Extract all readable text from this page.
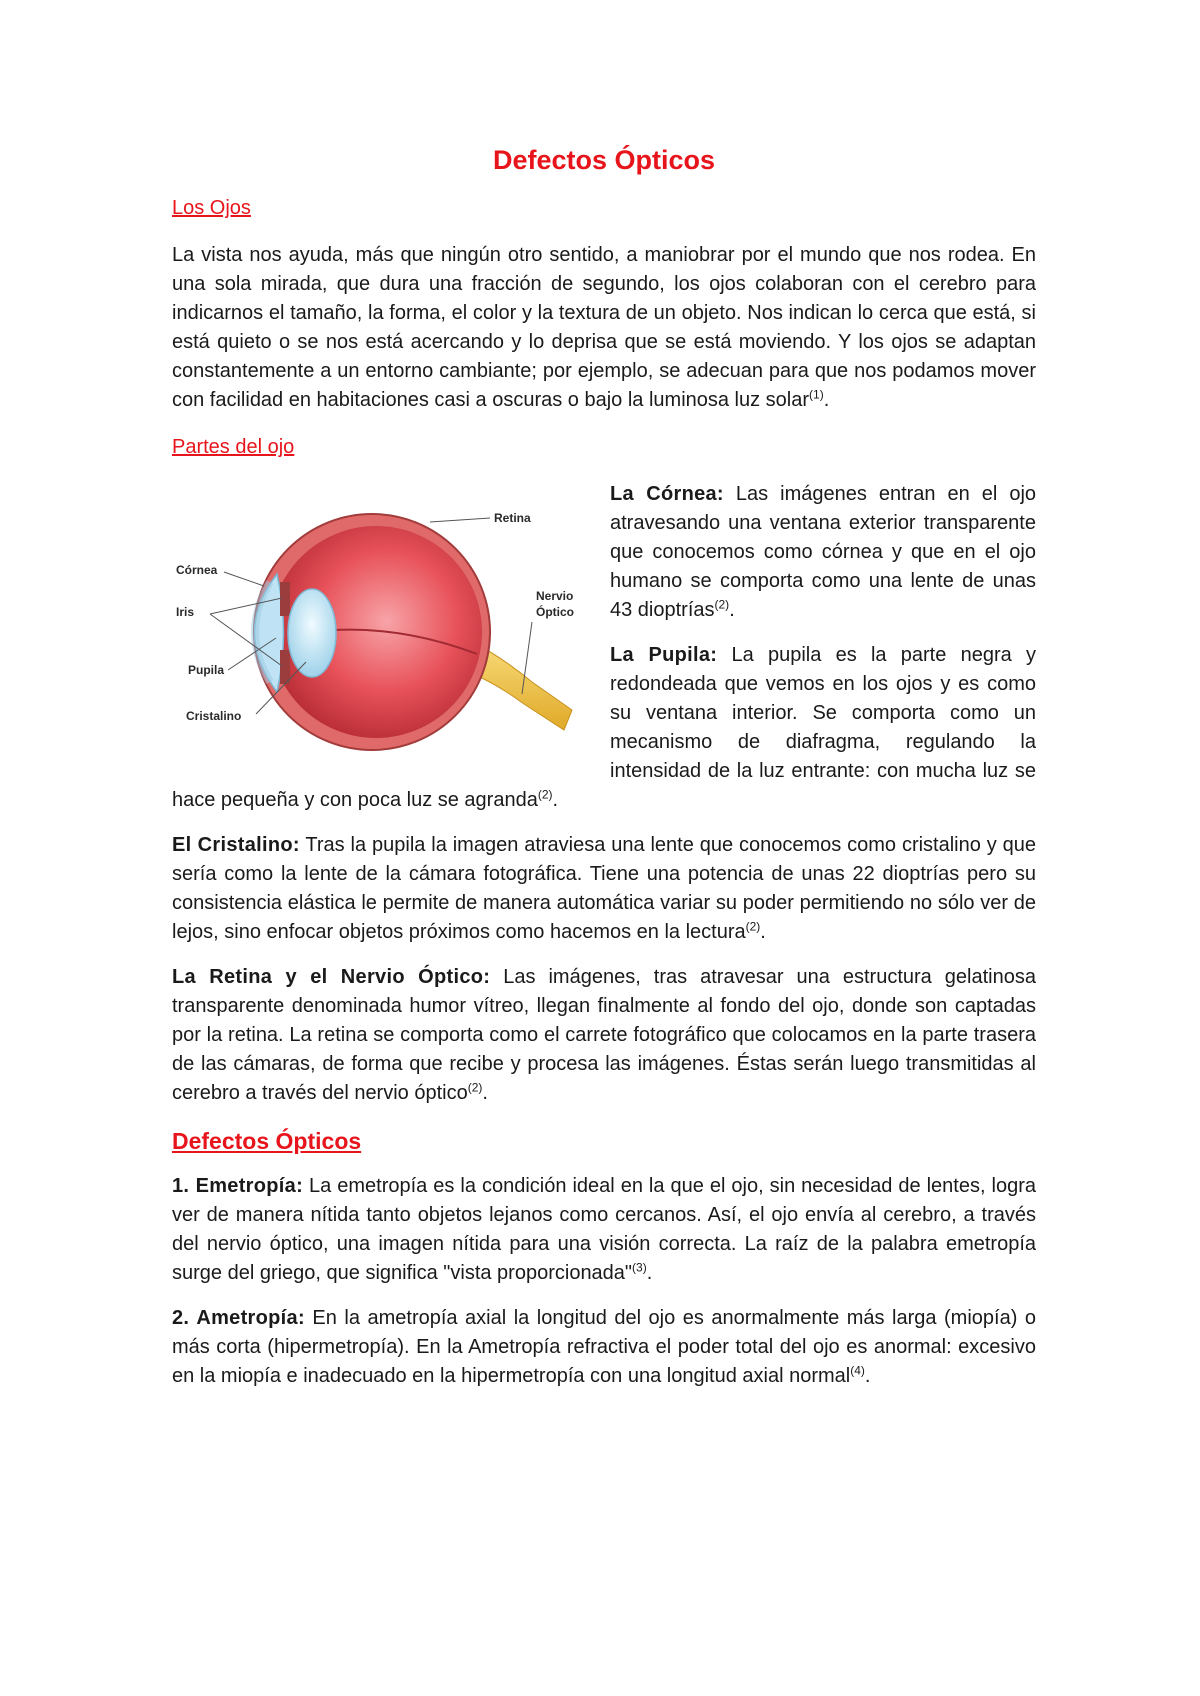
Defectos Ópticos
Los Ojos

La vista nos ayuda, más que ningún otro sentido, a maniobrar por el mundo que nos rodea. En una sola mirada, que dura una fracción de segundo, los ojos colaboran con el cerebro para indicarnos el tamaño, la forma, el color y la textura de un objeto. Nos indican lo cerca que está, si está quieto o se nos está acercando y lo deprisa que se está moviendo. Y los ojos se adaptan constantemente a un entorno cambiante; por ejemplo, se adecuan para que nos podamos mover con facilidad en habitaciones casi a oscuras o bajo la luminosa luz solar$^{(1)}$.

Partes del ojo
Retina
Córnea
Iris
Pupila
Cristalino
Nervio
Óptico

La Córnea: Las imágenes entran en el ojo atravesando una ventana exterior transparente que conocemos como córnea y que en el ojo humano se comporta como una lente de unas 43 dioptrías$^{(2)}$.

La Pupila: La pupila es la parte negra y redondeada que vemos en los ojos y es como su ventana interior. Se comporta como un mecanismo de diafragma, regulando la intensidad de la luz entrante: con mucha luz se hace pequeña y con poca luz se agranda$^{(2)}$.

El Cristalino: Tras la pupila la imagen atraviesa una lente que conocemos como cristalino y que sería como la lente de la cámara fotográfica. Tiene una potencia de unas 22 dioptrías pero su consistencia elástica le permite de manera automática variar su poder permitiendo no sólo ver de lejos, sino enfocar objetos próximos como hacemos en la lectura$^{(2)}$.

La Retina y el Nervio Óptico: Las imágenes, tras atravesar una estructura gelatinosa transparente denominada humor vítreo, llegan finalmente al fondo del ojo, donde son captadas por la retina. La retina se comporta como el carrete fotográfico que colocamos en la parte trasera de las cámaras, de forma que recibe y procesa las imágenes. Éstas serán luego transmitidas al cerebro a través del nervio óptico$^{(2)}$.

Defectos Ópticos

1. Emetropía: La emetropía es la condición ideal en la que el ojo, sin necesidad de lentes, logra ver de manera nítida tanto objetos lejanos como cercanos. Así, el ojo envía al cerebro, a través del nervio óptico, una imagen nítida para una visión correcta. La raíz de la palabra emetropía surge del griego, que significa "vista proporcionada"$^{(3)}$.

2. Ametropía: En la ametropía axial la longitud del ojo es anormalmente más larga (miopía) o más corta (hipermetropía). En la Ametropía refractiva el poder total del ojo es anormal: excesivo en la miopía e inadecuado en la hipermetropía con una longitud axial normal$^{(4)}$.
